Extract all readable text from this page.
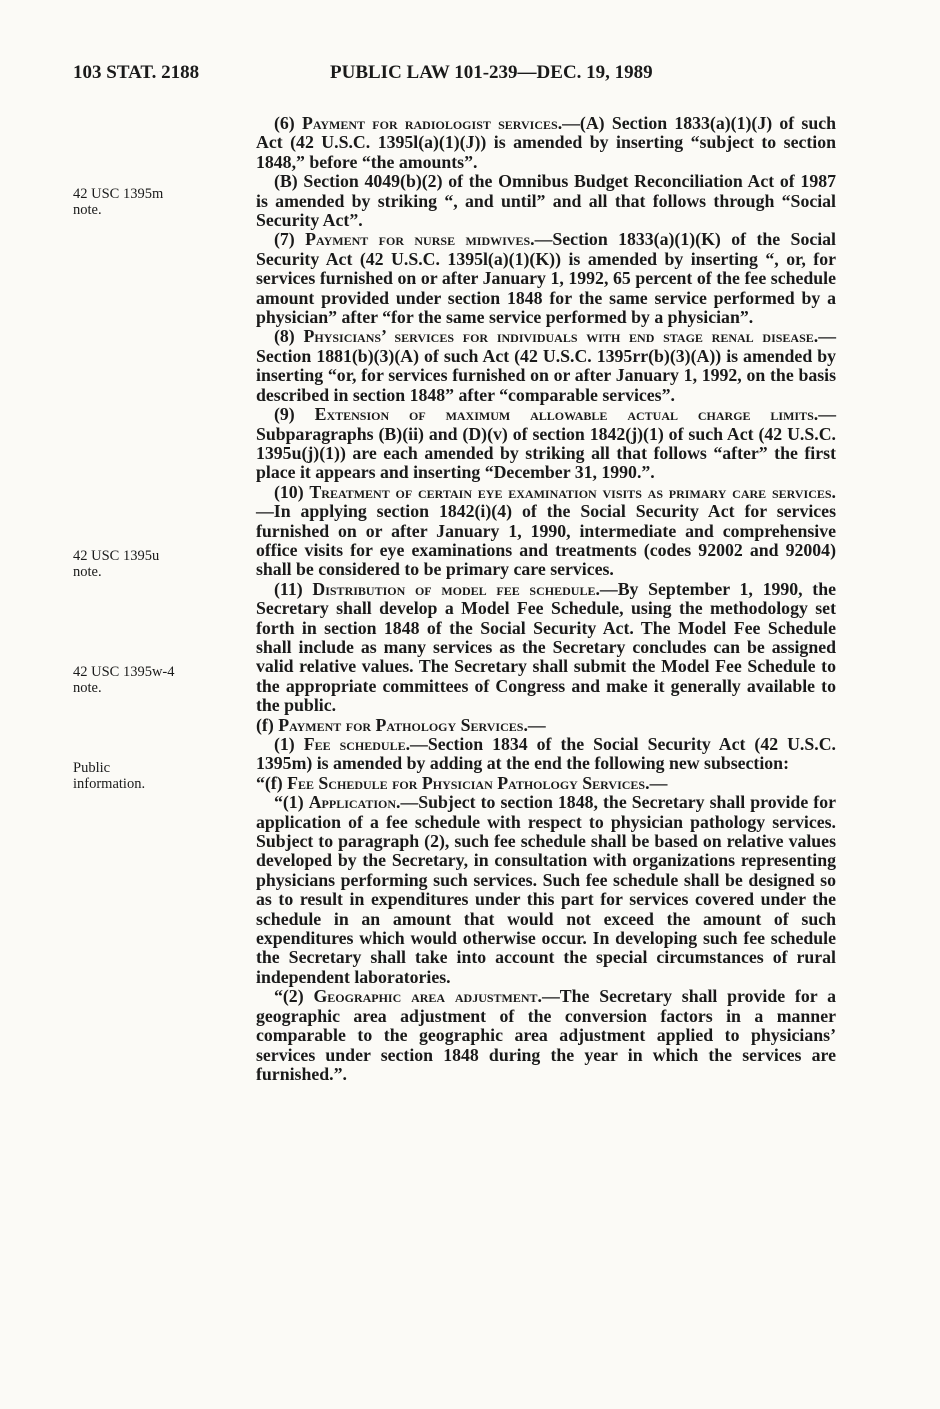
103 STAT. 2188	PUBLIC LAW 101-239—DEC. 19, 1989
42 USC 1395m
note.
42 USC 1395u
note.
42 USC 1395w-4
note.
Public
information.

(6) Payment for radiologist services.—(A) Section 1833(a)(1)(J) of such Act (42 U.S.C. 1395l(a)(1)(J)) is amended by inserting “subject to section 1848,” before “the amounts”.

(B) Section 4049(b)(2) of the Omnibus Budget Reconciliation Act of 1987 is amended by striking “, and until” and all that follows through “Social Security Act”.

(7) Payment for nurse midwives.—Section 1833(a)(1)(K) of the Social Security Act (42 U.S.C. 1395l(a)(1)(K)) is amended by inserting “, or, for services furnished on or after January 1, 1992, 65 percent of the fee schedule amount provided under section 1848 for the same service performed by a physician” after “for the same service performed by a physician”.

(8) Physicians’ services for individuals with end stage renal disease.—Section 1881(b)(3)(A) of such Act (42 U.S.C. 1395rr(b)(3)(A)) is amended by inserting “or, for services furnished on or after January 1, 1992, on the basis described in section 1848” after “comparable services”.

(9) Extension of maximum allowable actual charge limits.—Subparagraphs (B)(ii) and (D)(v) of section 1842(j)(1) of such Act (42 U.S.C. 1395u(j)(1)) are each amended by striking all that follows “after” the first place it appears and inserting “December 31, 1990.”.

(10) Treatment of certain eye examination visits as primary care services.—In applying section 1842(i)(4) of the Social Security Act for services furnished on or after January 1, 1990, intermediate and comprehensive office visits for eye examinations and treatments (codes 92002 and 92004) shall be considered to be primary care services.

(11) Distribution of model fee schedule.—By September 1, 1990, the Secretary shall develop a Model Fee Schedule, using the methodology set forth in section 1848 of the Social Security Act. The Model Fee Schedule shall include as many services as the Secretary concludes can be assigned valid relative values. The Secretary shall submit the Model Fee Schedule to the appropriate committees of Congress and make it generally available to the public.

(f) Payment for Pathology Services.—

(1) Fee schedule.—Section 1834 of the Social Security Act (42 U.S.C. 1395m) is amended by adding at the end the following new subsection:

“(f) Fee Schedule for Physician Pathology Services.—

“(1) Application.—Subject to section 1848, the Secretary shall provide for application of a fee schedule with respect to physician pathology services. Subject to paragraph (2), such fee schedule shall be based on relative values developed by the Secretary, in consultation with organizations representing physicians performing such services. Such fee schedule shall be designed so as to result in expenditures under this part for services covered under the schedule in an amount that would not exceed the amount of such expenditures which would otherwise occur. In developing such fee schedule the Secretary shall take into account the special circumstances of rural independent laboratories.

“(2) Geographic area adjustment.—The Secretary shall provide for a geographic area adjustment of the conversion factors in a manner comparable to the geographic area adjustment applied to physicians’ services under section 1848 during the year in which the services are furnished.”.
